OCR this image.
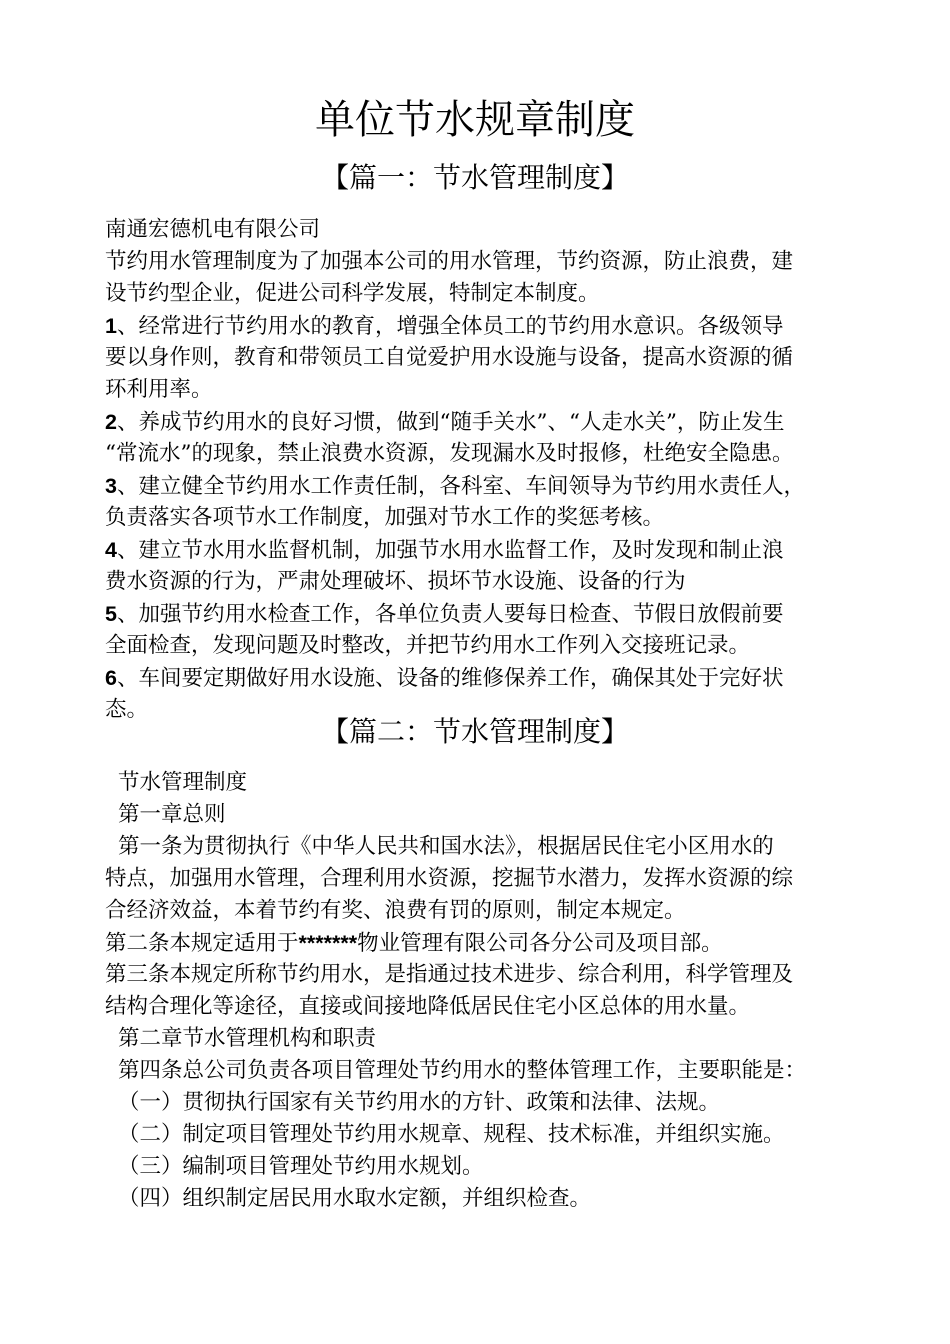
单位节水规章制度
【篇一：节水管理制度】

南通宏德机电有限公司

节约用水管理制度为了加强本公司的用水管理，节约资源，防止浪费，建

设节约型企业，促进公司科学发展，特制定本制度。

1、经常进行节约用水的教育，增强全体员工的节约用水意识。各级领导

要以身作则，教育和带领员工自觉爱护用水设施与设备，提高水资源的循

环利用率。

2、养成节约用水的良好习惯，做到“随手关水”、“人走水关”，防止发生

“常流水”的现象，禁止浪费水资源，发现漏水及时报修，杜绝安全隐患。

3、建立健全节约用水工作责任制，各科室、车间领导为节约用水责任人，

负责落实各项节水工作制度，加强对节水工作的奖惩考核。

4、建立节水用水监督机制，加强节水用水监督工作，及时发现和制止浪

费水资源的行为，严肃处理破坏、损坏节水设施、设备的行为

5、加强节约用水检查工作，各单位负责人要每日检查、节假日放假前要

全面检查，发现问题及时整改，并把节约用水工作列入交接班记录。

6、车间要定期做好用水设施、设备的维修保养工作，确保其处于完好状

态。

【篇二：节水管理制度】

节水管理制度

第一章总则

第一条为贯彻执行《中华人民共和国水法》，根据居民住宅小区用水的

特点，加强用水管理，合理利用水资源，挖掘节水潜力，发挥水资源的综

合经济效益，本着节约有奖、浪费有罚的原则，制定本规定。

第二条本规定适用于*******物业管理有限公司各分公司及项目部。

第三条本规定所称节约用水，是指通过技术进步、综合利用，科学管理及

结构合理化等途径，直接或间接地降低居民住宅小区总体的用水量。

第二章节水管理机构和职责

第四条总公司负责各项目管理处节约用水的整体管理工作，主要职能是：

（一）贯彻执行国家有关节约用水的方针、政策和法律、法规。

（二）制定项目管理处节约用水规章、规程、技术标准，并组织实施。

（三）编制项目管理处节约用水规划。

（四）组织制定居民用水取水定额，并组织检查。
